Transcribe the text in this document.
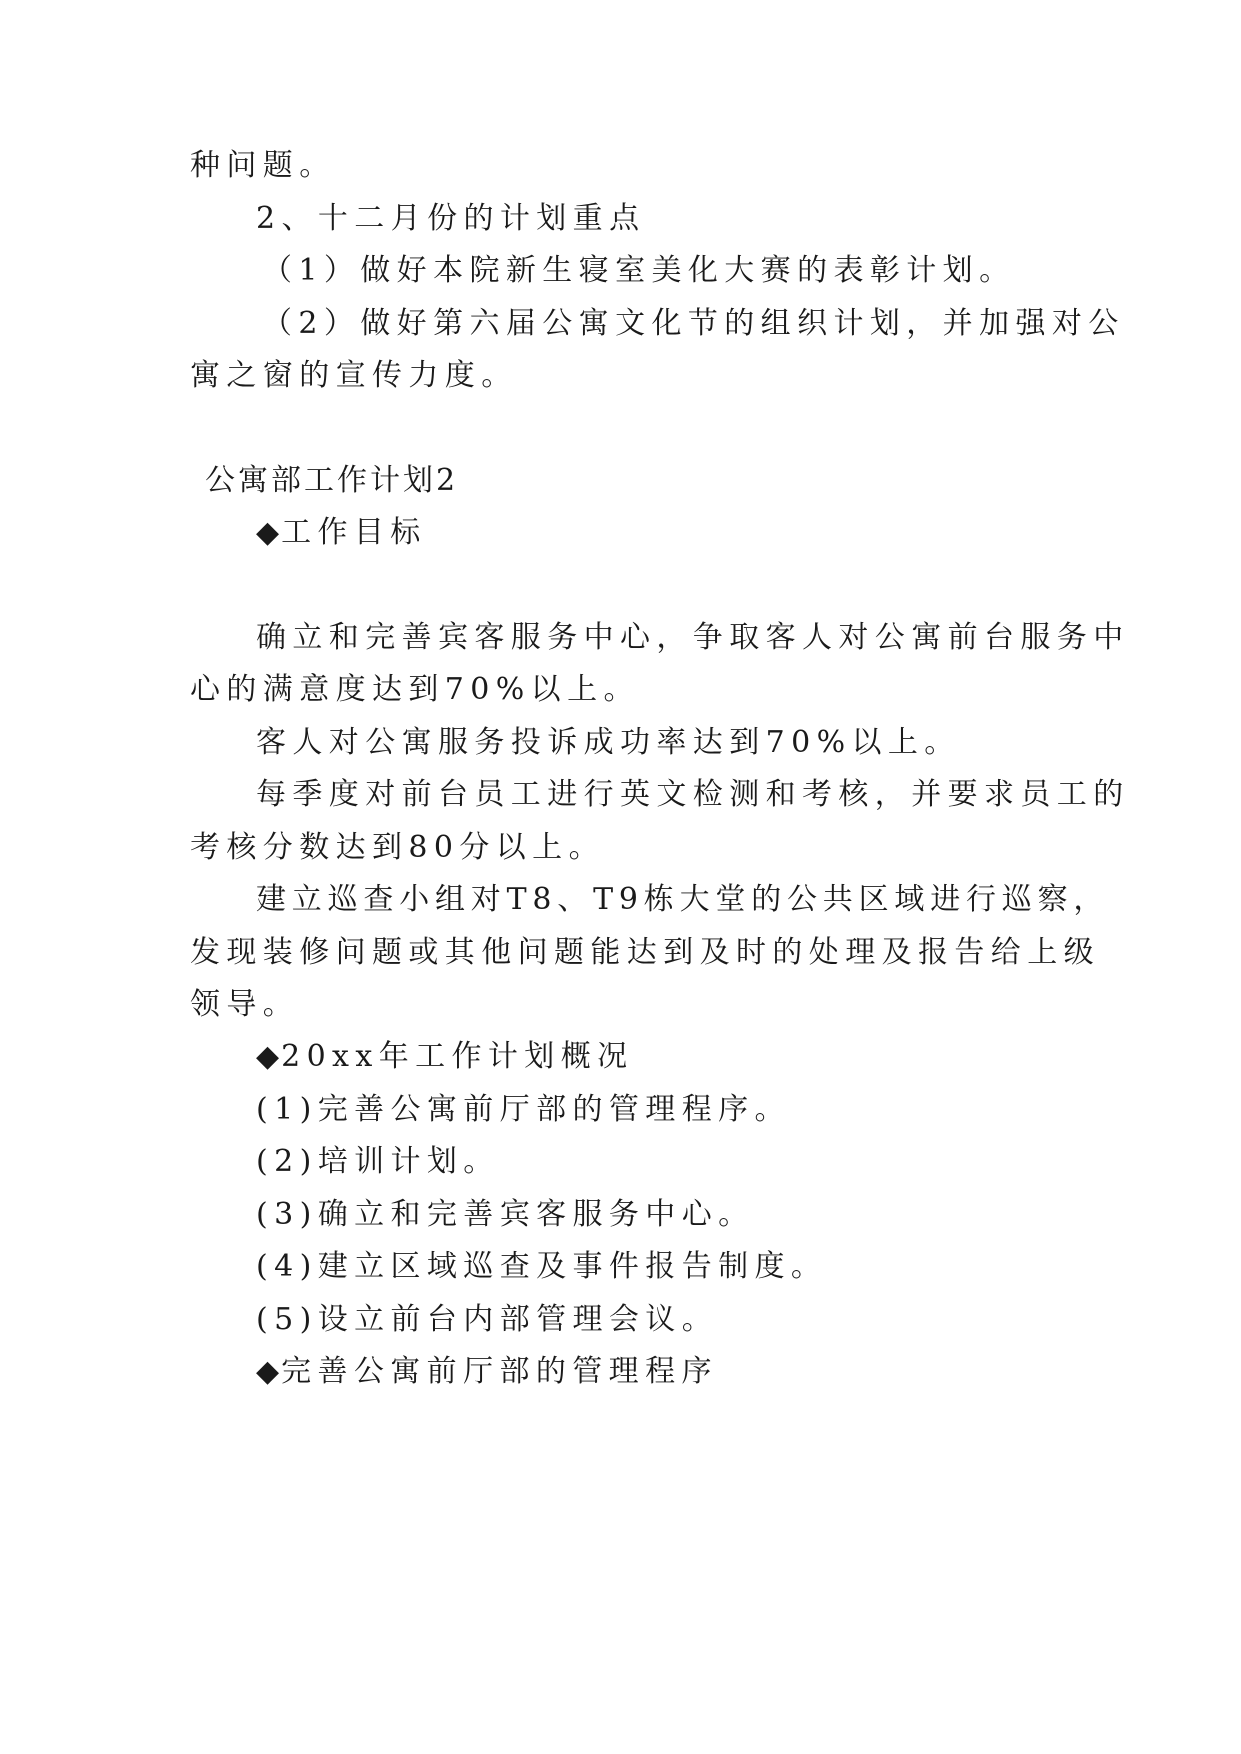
种问题。
2、十二月份的计划重点
（1）做好本院新生寝室美化大赛的表彰计划。
（2）做好第六届公寓文化节的组织计划，并加强对公
寓之窗的宣传力度。
公寓部工作计划2
◆工作目标
确立和完善宾客服务中心，争取客人对公寓前台服务中
心的满意度达到70%以上。
客人对公寓服务投诉成功率达到70%以上。
每季度对前台员工进行英文检测和考核，并要求员工的
考核分数达到80分以上。
建立巡查小组对T8、T9栋大堂的公共区域进行巡察，
发现装修问题或其他问题能达到及时的处理及报告给上级
领导。
◆20xx年工作计划概况
(1)完善公寓前厅部的管理程序。
(2)培训计划。
(3)确立和完善宾客服务中心。
(4)建立区域巡查及事件报告制度。
(5)设立前台内部管理会议。
◆完善公寓前厅部的管理程序
